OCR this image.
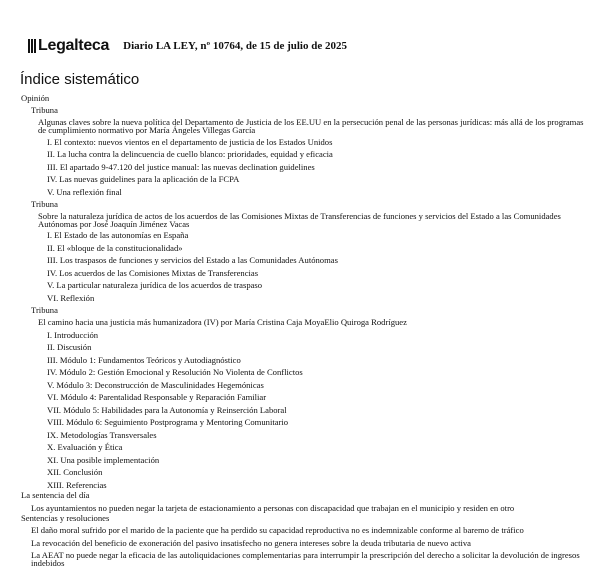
Legalteca Diario LA LEY, nº 10764, de 15 de julio de 2025
Índice sistemático
Opinión
Tribuna
Algunas claves sobre la nueva política del Departamento de Justicia de los EE.UU en la persecución penal de las personas jurídicas: más allá de los programas de cumplimiento normativo por María Ángeles Villegas García
I. El contexto: nuevos vientos en el departamento de justicia de los Estados Unidos
II. La lucha contra la delincuencia de cuello blanco: prioridades, equidad y eficacia
III. El apartado 9-47.120 del justice manual: las nuevas declination guidelines
IV. Las nuevas guidelines para la aplicación de la FCPA
V. Una reflexión final
Tribuna
Sobre la naturaleza jurídica de actos de los acuerdos de las Comisiones Mixtas de Transferencias de funciones y servicios del Estado a las Comunidades Autónomas por José Joaquín Jiménez Vacas
I. El Estado de las autonomías en España
II. El «bloque de la constitucionalidad»
III. Los traspasos de funciones y servicios del Estado a las Comunidades Autónomas
IV. Los acuerdos de las Comisiones Mixtas de Transferencias
V. La particular naturaleza jurídica de los acuerdos de traspaso
VI. Reflexión
Tribuna
El camino hacia una justicia más humanizadora (IV) por María Cristina Caja MoyaElio Quiroga Rodríguez
I. Introducción
II. Discusión
III. Módulo 1: Fundamentos Teóricos y Autodiagnóstico
IV. Módulo 2: Gestión Emocional y Resolución No Violenta de Conflictos
V. Módulo 3: Deconstrucción de Masculinidades Hegemónicas
VI. Módulo 4: Parentalidad Responsable y Reparación Familiar
VII. Módulo 5: Habilidades para la Autonomía y Reinserción Laboral
VIII. Módulo 6: Seguimiento Postprograma y Mentoring Comunitario
IX. Metodologías Transversales
X. Evaluación y Ética
XI. Una posible implementación
XII. Conclusión
XIII. Referencias
La sentencia del día
Los ayuntamientos no pueden negar la tarjeta de estacionamiento a personas con discapacidad que trabajan en el municipio y residen en otro
Sentencias y resoluciones
El daño moral sufrido por el marido de la paciente que ha perdido su capacidad reproductiva no es indemnizable conforme al baremo de tráfico
La revocación del beneficio de exoneración del pasivo insatisfecho no genera intereses sobre la deuda tributaria de nuevo activa
La AEAT no puede negar la eficacia de las autoliquidaciones complementarias para interrumpir la prescripción del derecho a solicitar la devolución de ingresos indebidos
